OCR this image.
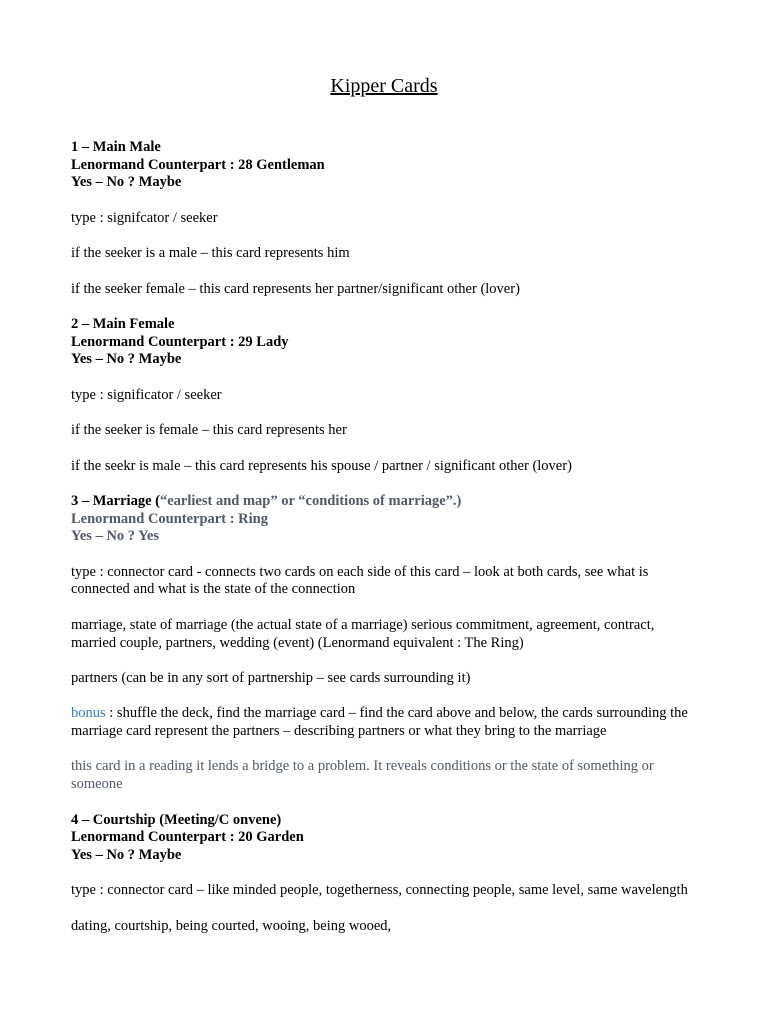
Kipper Cards
1 – Main Male
Lenormand Counterpart : 28 Gentleman
Yes – No ? Maybe
type : signifcator / seeker
if the seeker is a male – this card represents him
if the seeker female – this card represents her partner/significant other (lover)
2 – Main Female
Lenormand Counterpart : 29 Lady
Yes – No ? Maybe
type : significator / seeker
if the seeker is female – this card represents her
if the seekr is male – this card represents his spouse / partner / significant other (lover)
3 – Marriage (“earliest and map” or “conditions of marriage”.)
Lenormand Counterpart : Ring
Yes – No ? Yes
type : connector card - connects two cards on each side of this card – look at both cards, see what is connected and what is the state of the connection
marriage, state of marriage (the actual state of a marriage) serious commitment, agreement, contract, married couple, partners, wedding (event) (Lenormand equivalent : The Ring)
partners (can be in any sort of partnership – see cards surrounding it)
bonus : shuffle the deck, find the marriage card – find the card above and below, the cards surrounding the marriage card represent the partners – describing partners or what they bring to the marriage
this card in a reading it lends a bridge to a problem. It reveals conditions or the state of something or someone
4 – Courtship (Meeting/C onvene)
Lenormand Counterpart : 20 Garden
Yes – No ? Maybe
type : connector card – like minded people, togetherness, connecting people, same level, same wavelength
dating, courtship, being courted, wooing, being wooed,
